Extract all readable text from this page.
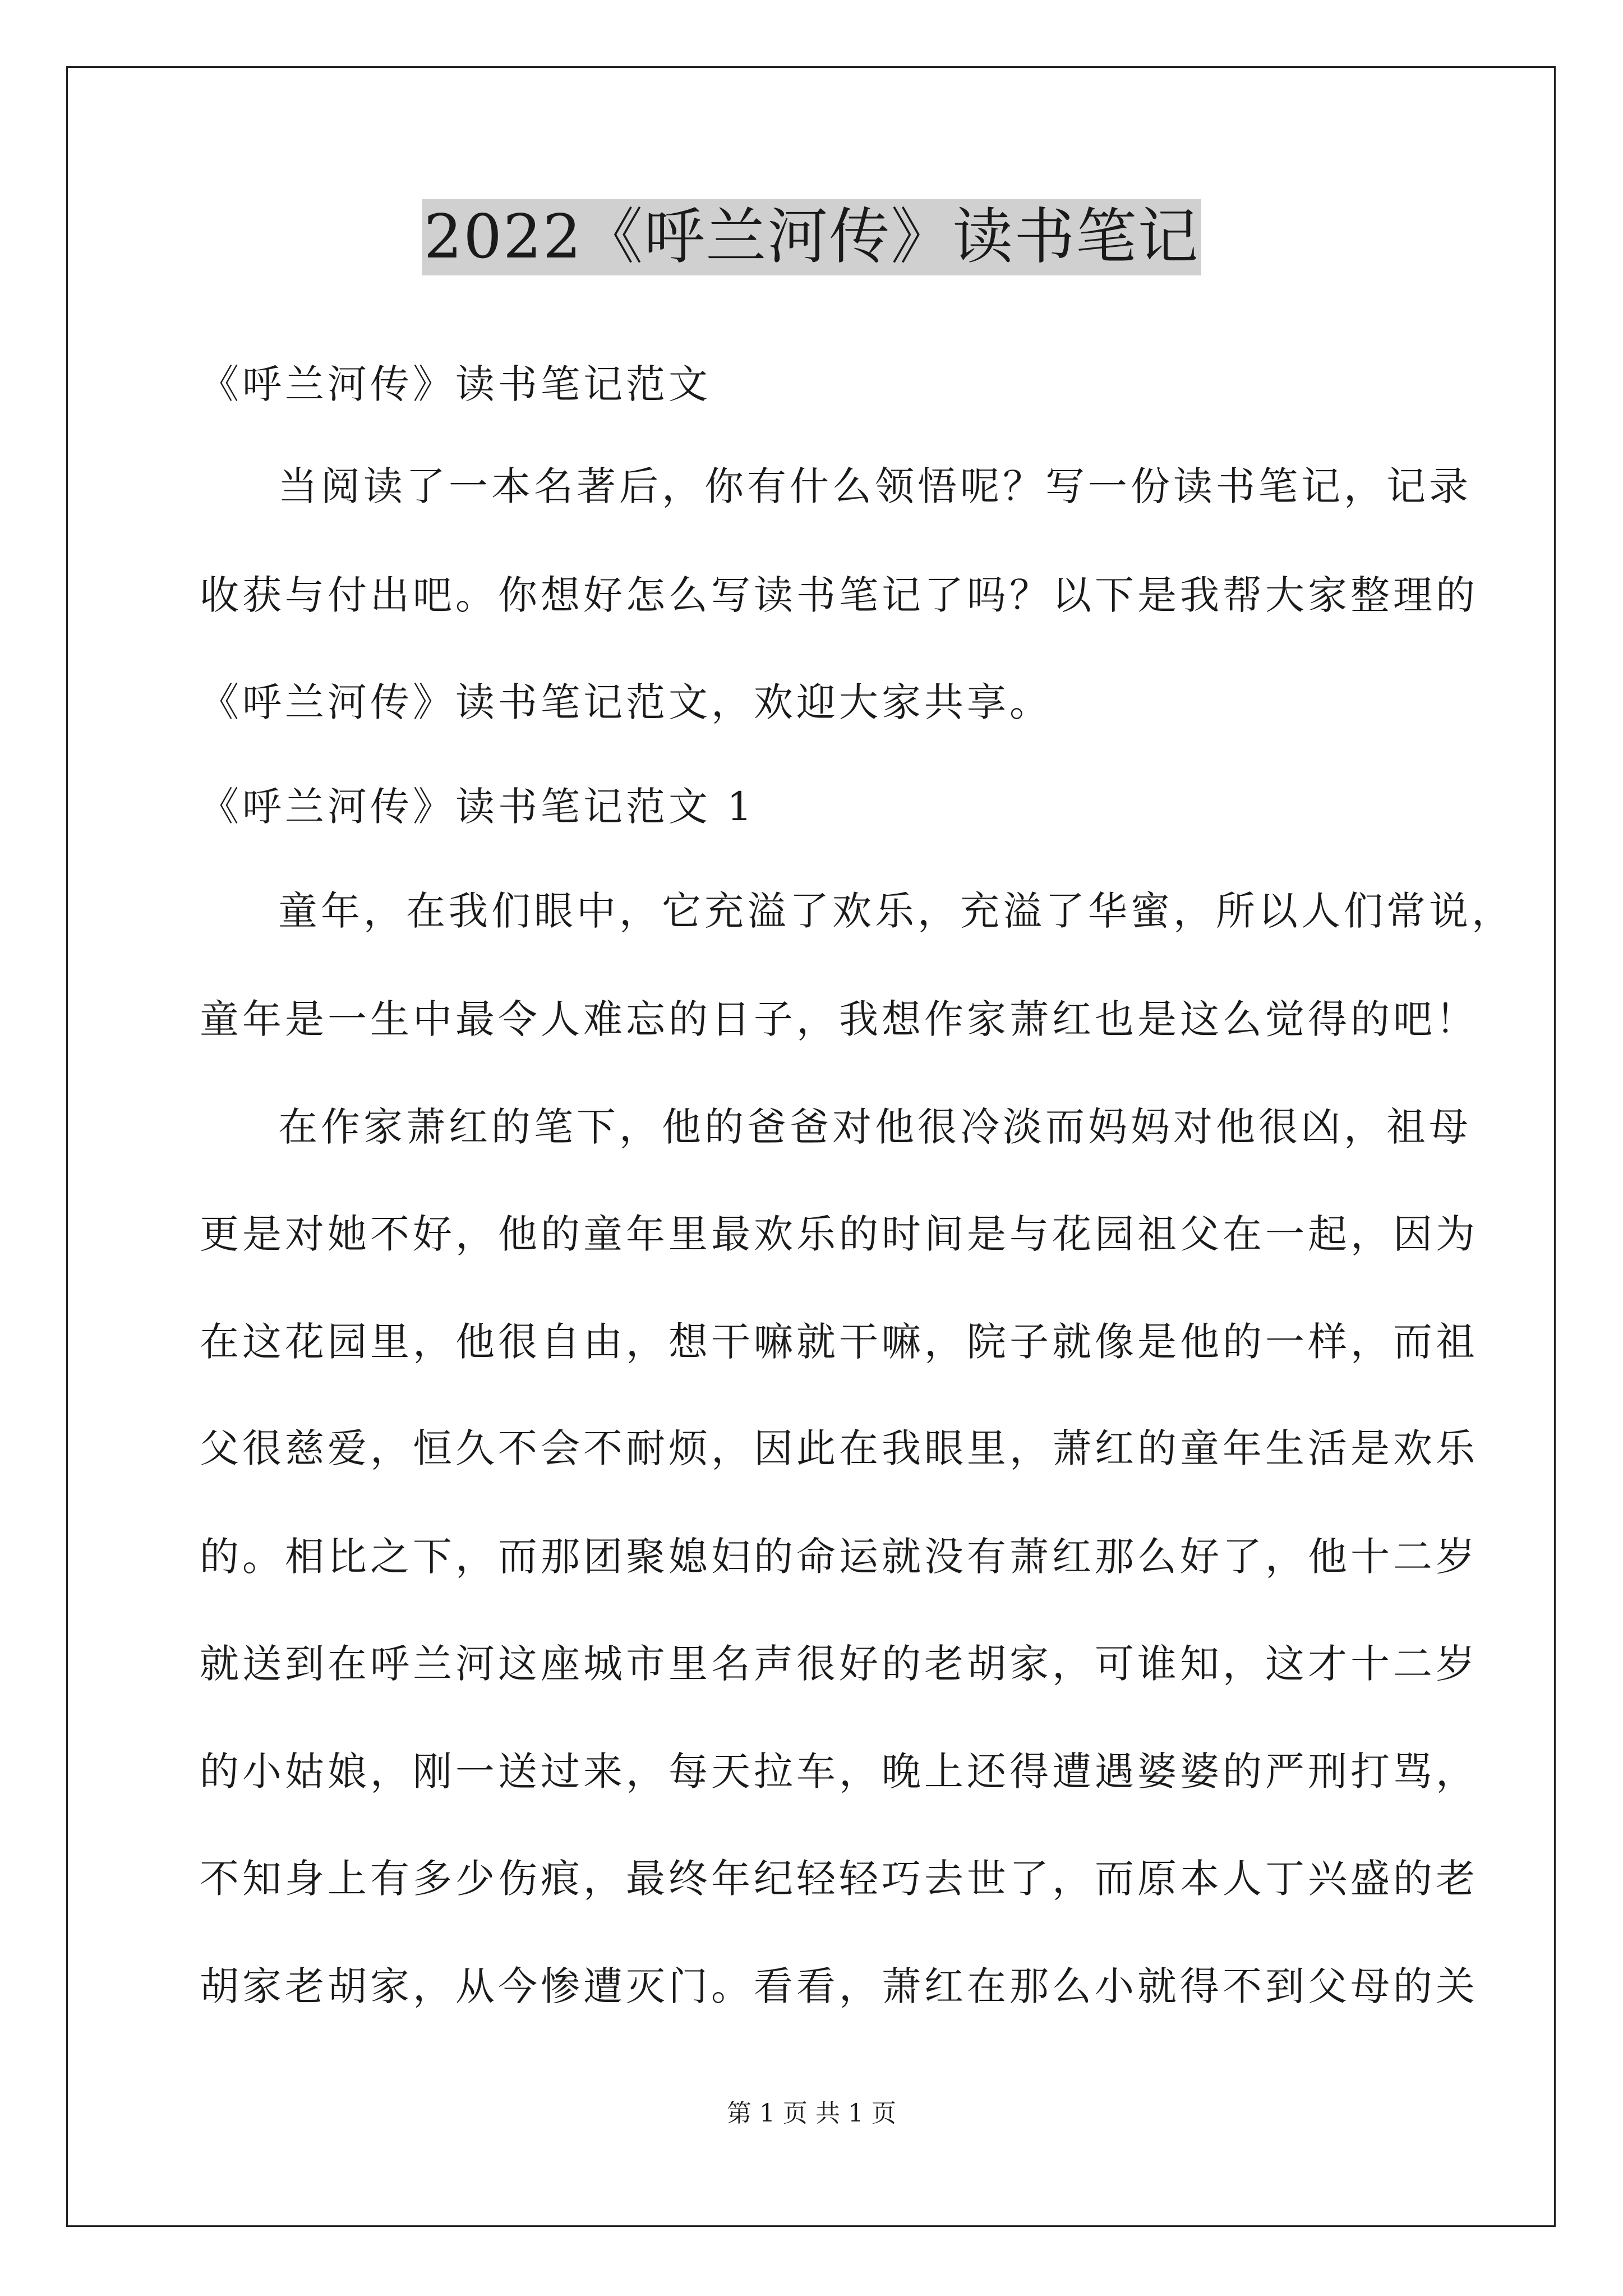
2022《呼兰河传》读书笔记
《呼兰河传》读书笔记范文
当阅读了一本名著后，你有什么领悟呢？写一份读书笔记，记录
收获与付出吧。你想好怎么写读书笔记了吗？以下是我帮大家整理的
《呼兰河传》读书笔记范文，欢迎大家共享。
《呼兰河传》读书笔记范文 1
童年，在我们眼中，它充溢了欢乐，充溢了华蜜，所以人们常说，
童年是一生中最令人难忘的日子，我想作家萧红也是这么觉得的吧！
在作家萧红的笔下，他的爸爸对他很冷淡而妈妈对他很凶，祖母
更是对她不好，他的童年里最欢乐的时间是与花园祖父在一起，因为
在这花园里，他很自由，想干嘛就干嘛，院子就像是他的一样，而祖
父很慈爱，恒久不会不耐烦，因此在我眼里，萧红的童年生活是欢乐
的。相比之下，而那团聚媳妇的命运就没有萧红那么好了，他十二岁
就送到在呼兰河这座城市里名声很好的老胡家，可谁知，这才十二岁
的小姑娘，刚一送过来，每天拉车，晚上还得遭遇婆婆的严刑打骂，
不知身上有多少伤痕，最终年纪轻轻巧去世了，而原本人丁兴盛的老
胡家老胡家，从今惨遭灭门。看看，萧红在那么小就得不到父母的关
第 1 页 共 1 页
